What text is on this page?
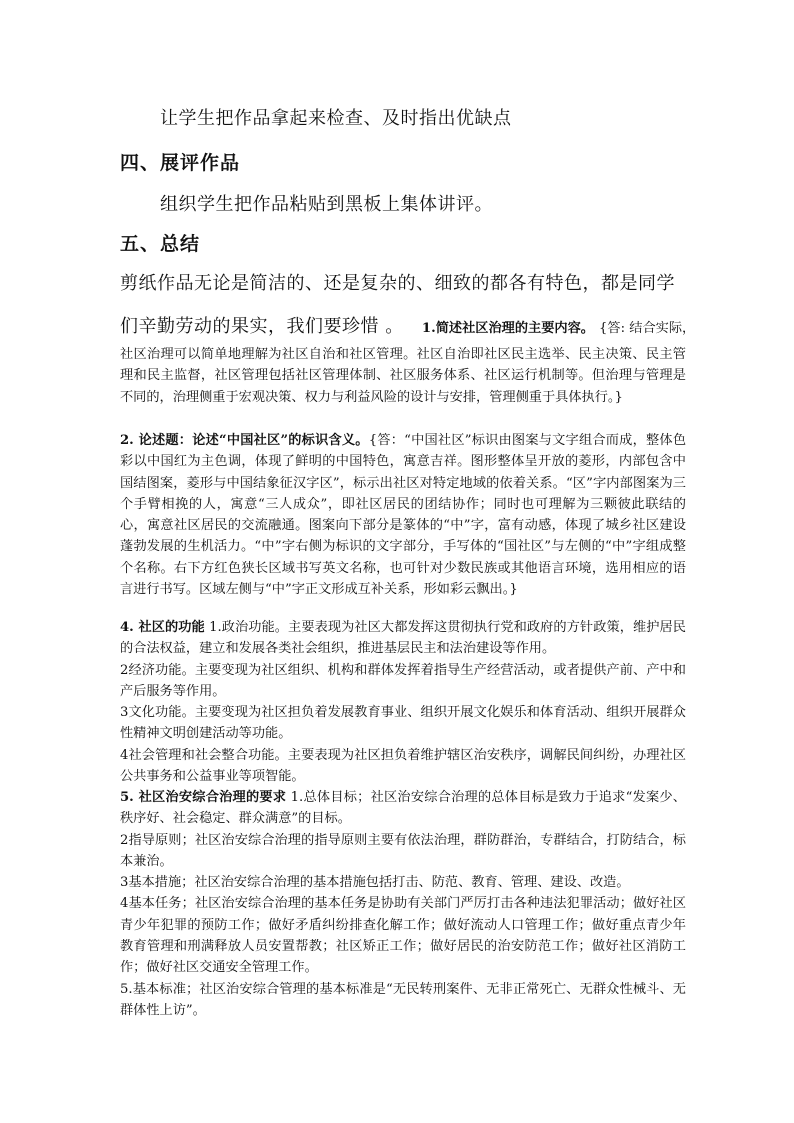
让学生把作品拿起来检查、及时指出优缺点
四、展评作品
组织学生把作品粘贴到黑板上集体讲评。
五、总结
剪纸作品无论是简洁的、还是复杂的、细致的都各有特色，都是同学
们辛勤劳动的果实，我们要珍惜 。 1.简述社区治理的主要内容。 {答: 结合实际，

社区治理可以简单地理解为社区自治和社区管理。社区自治即社区民主选举、民主决策、民主管理和民主监督，社区管理包括社区管理体制、社区服务体系、社区运行机制等。但治理与管理是不同的，治理侧重于宏观决策、权力与利益风险的设计与安排，管理侧重于具体执行。}

2. 论述题：论述“中国社区”的标识含义。{答：“中国社区”标识由图案与文字组合而成，整体色彩以中国红为主色调，体现了鲜明的中国特色，寓意吉祥。图形整体呈开放的菱形，内部包含中国结图案，菱形与中国结象征汉字区”，标示出社区对特定地域的依着关系。“区”字内部图案为三个手臂相挽的人，寓意“三人成众”，即社区居民的团结协作；同时也可理解为三颗彼此联结的心，寓意社区居民的交流融通。图案向下部分是篆体的“中”字，富有动感，体现了城乡社区建设蓬勃发展的生机活力。“中”字右侧为标识的文字部分，手写体的“国社区”与左侧的“中”字组成整个名称。右下方红色狭长区域书写英文名称，也可针对少数民族或其他语言环境，选用相应的语言进行书写。区域左侧与“中”字正文形成互补关系，形如彩云飘出。}

4. 社区的功能 1.政治功能。主要表现为社区大都发挥这贯彻执行党和政府的方针政策，维护居民的合法权益，建立和发展各类社会组织，推进基层民主和法治建设等作用。

2经济功能。主要变现为社区组织、机构和群体发挥着指导生产经营活动，或者提供产前、产中和产后服务等作用。

3文化功能。主要变现为社区担负着发展教育事业、组织开展文化娱乐和体育活动、组织开展群众性精神文明创建活动等功能。

4社会管理和社会整合功能。主要表现为社区担负着维护辖区治安秩序，调解民间纠纷，办理社区公共事务和公益事业等项智能。

5. 社区治安综合治理的要求 1.总体目标；社区治安综合治理的总体目标是致力于追求“发案少、秩序好、社会稳定、群众满意”的目标。

2指导原则；社区治安综合治理的指导原则主要有依法治理，群防群治，专群结合，打防结合，标本兼治。

3基本措施；社区治安综合治理的基本措施包括打击、防范、教育、管理、建设、改造。

4基本任务；社区治安综合治理的基本任务是协助有关部门严厉打击各种违法犯罪活动；做好社区青少年犯罪的预防工作；做好矛盾纠纷排查化解工作；做好流动人口管理工作；做好重点青少年教育管理和刑满释放人员安置帮教；社区矫正工作；做好居民的治安防范工作；做好社区消防工作；做好社区交通安全管理工作。

5.基本标准；社区治安综合管理的基本标准是“无民转刑案件、无非正常死亡、无群众性械斗、无群体性上访”。
